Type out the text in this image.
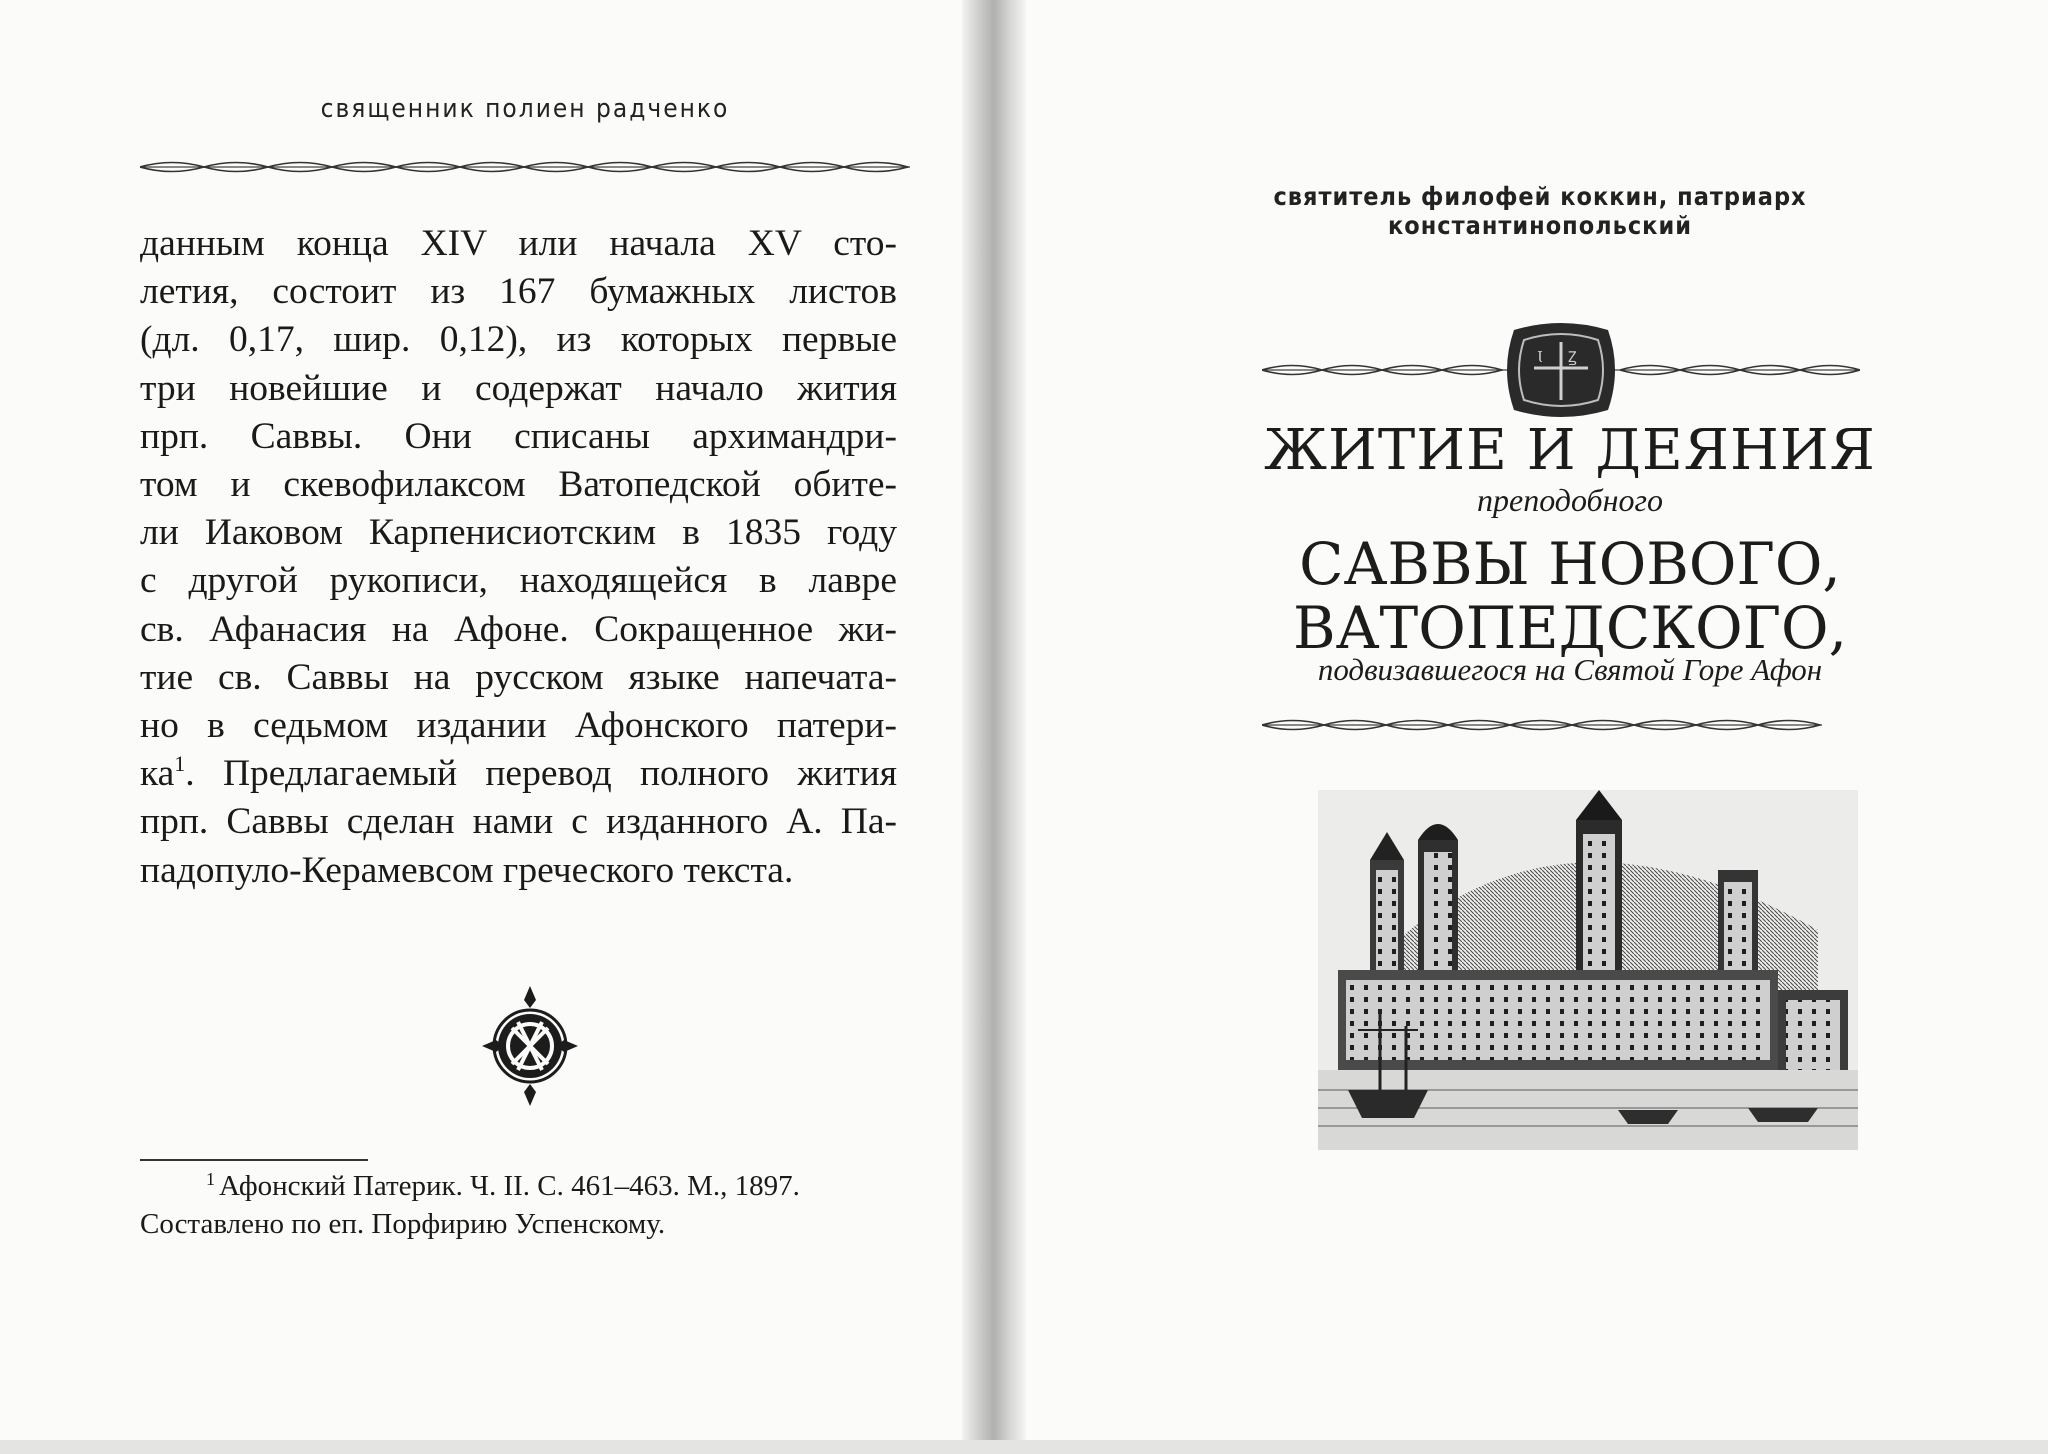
священник полиен радченко
данным конца XIV или начала XV сто-
летия, состоит из 167 бумажных листов
(дл. 0,17, шир. 0,12), из которых первые
три новейшие и содержат начало жития
прп. Саввы. Они списаны архимандри-
том и скевофилаксом Ватопедской обите-
ли Иаковом Карпенисиотским в 1835 году
с другой рукописи, находящейся в лавре
св. Афанасия на Афоне. Сокращенное жи-
тие св. Саввы на русском языке напечата-
но в седьмом издании Афонского патери-
$ка^1$. Предлагаемый перевод полного жития
прп. Саввы сделан нами с изданного А. Па-
падопуло-Керамевсом греческого текста.
$^1$ Афонский Патерик. Ч. II. С. 461–463. М., 1897.
Составлено по еп. Порфирию Успенскому.
святитель филофей коккин, патриарх константинопольский
Ꙇ Ꙁ
ЖИТИЕ И ДЕЯНИЯ
преподобного
САВВЫ НОВОГО,
ВАТОПЕДСКОГО,
подвизавшегося на Святой Горе Афон
